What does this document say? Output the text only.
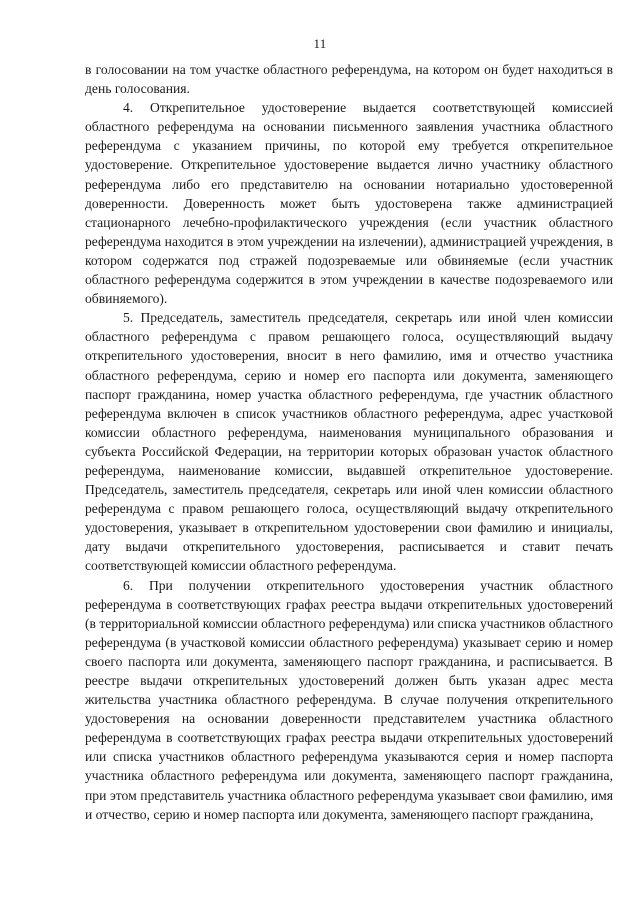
11

в голосовании на том участке областного референдума, на котором он будет находиться в день голосования.

4. Открепительное удостоверение выдается соответствующей комиссией областного референдума на основании письменного заявления участника областного референдума с указанием причины, по которой ему требуется открепительное удостоверение. Открепительное удостоверение выдается лично участнику областного референдума либо его представителю на основании нотариально удостоверенной доверенности. Доверенность может быть удостоверена также администрацией стационарного лечебно-профилактического учреждения (если участник областного референдума находится в этом учреждении на излечении), администрацией учреждения, в котором содержатся под стражей подозреваемые или обвиняемые (если участник областного референдума содержится в этом учреждении в качестве подозреваемого или обвиняемого).

5. Председатель, заместитель председателя, секретарь или иной член комиссии областного референдума с правом решающего голоса, осуществляющий выдачу открепительного удостоверения, вносит в него фамилию, имя и отчество участника областного референдума, серию и номер его паспорта или документа, заменяющего паспорт гражданина, номер участка областного референдума, где участник областного референдума включен в список участников областного референдума, адрес участковой комиссии областного референдума, наименования муниципального образования и субъекта Российской Федерации, на территории которых образован участок областного референдума, наименование комиссии, выдавшей открепительное удостоверение. Председатель, заместитель председателя, секретарь или иной член комиссии областного референдума с правом решающего голоса, осуществляющий выдачу открепительного удостоверения, указывает в открепительном удостоверении свои фамилию и инициалы, дату выдачи открепительного удостоверения, расписывается и ставит печать соответствующей комиссии областного референдума.

6. При получении открепительного удостоверения участник областного референдума в соответствующих графах реестра выдачи открепительных удостоверений (в территориальной комиссии областного референдума) или списка участников областного референдума (в участковой комиссии областного референдума) указывает серию и номер своего паспорта или документа, заменяющего паспорт гражданина, и расписывается. В реестре выдачи открепительных удостоверений должен быть указан адрес места жительства участника областного референдума. В случае получения открепительного удостоверения на основании доверенности представителем участника областного референдума в соответствующих графах реестра выдачи открепительных удостоверений или списка участников областного референдума указываются серия и номер паспорта участника областного референдума или документа, заменяющего паспорт гражданина, при этом представитель участника областного референдума указывает свои фамилию, имя и отчество, серию и номер паспорта или документа, заменяющего паспорт гражданина,
